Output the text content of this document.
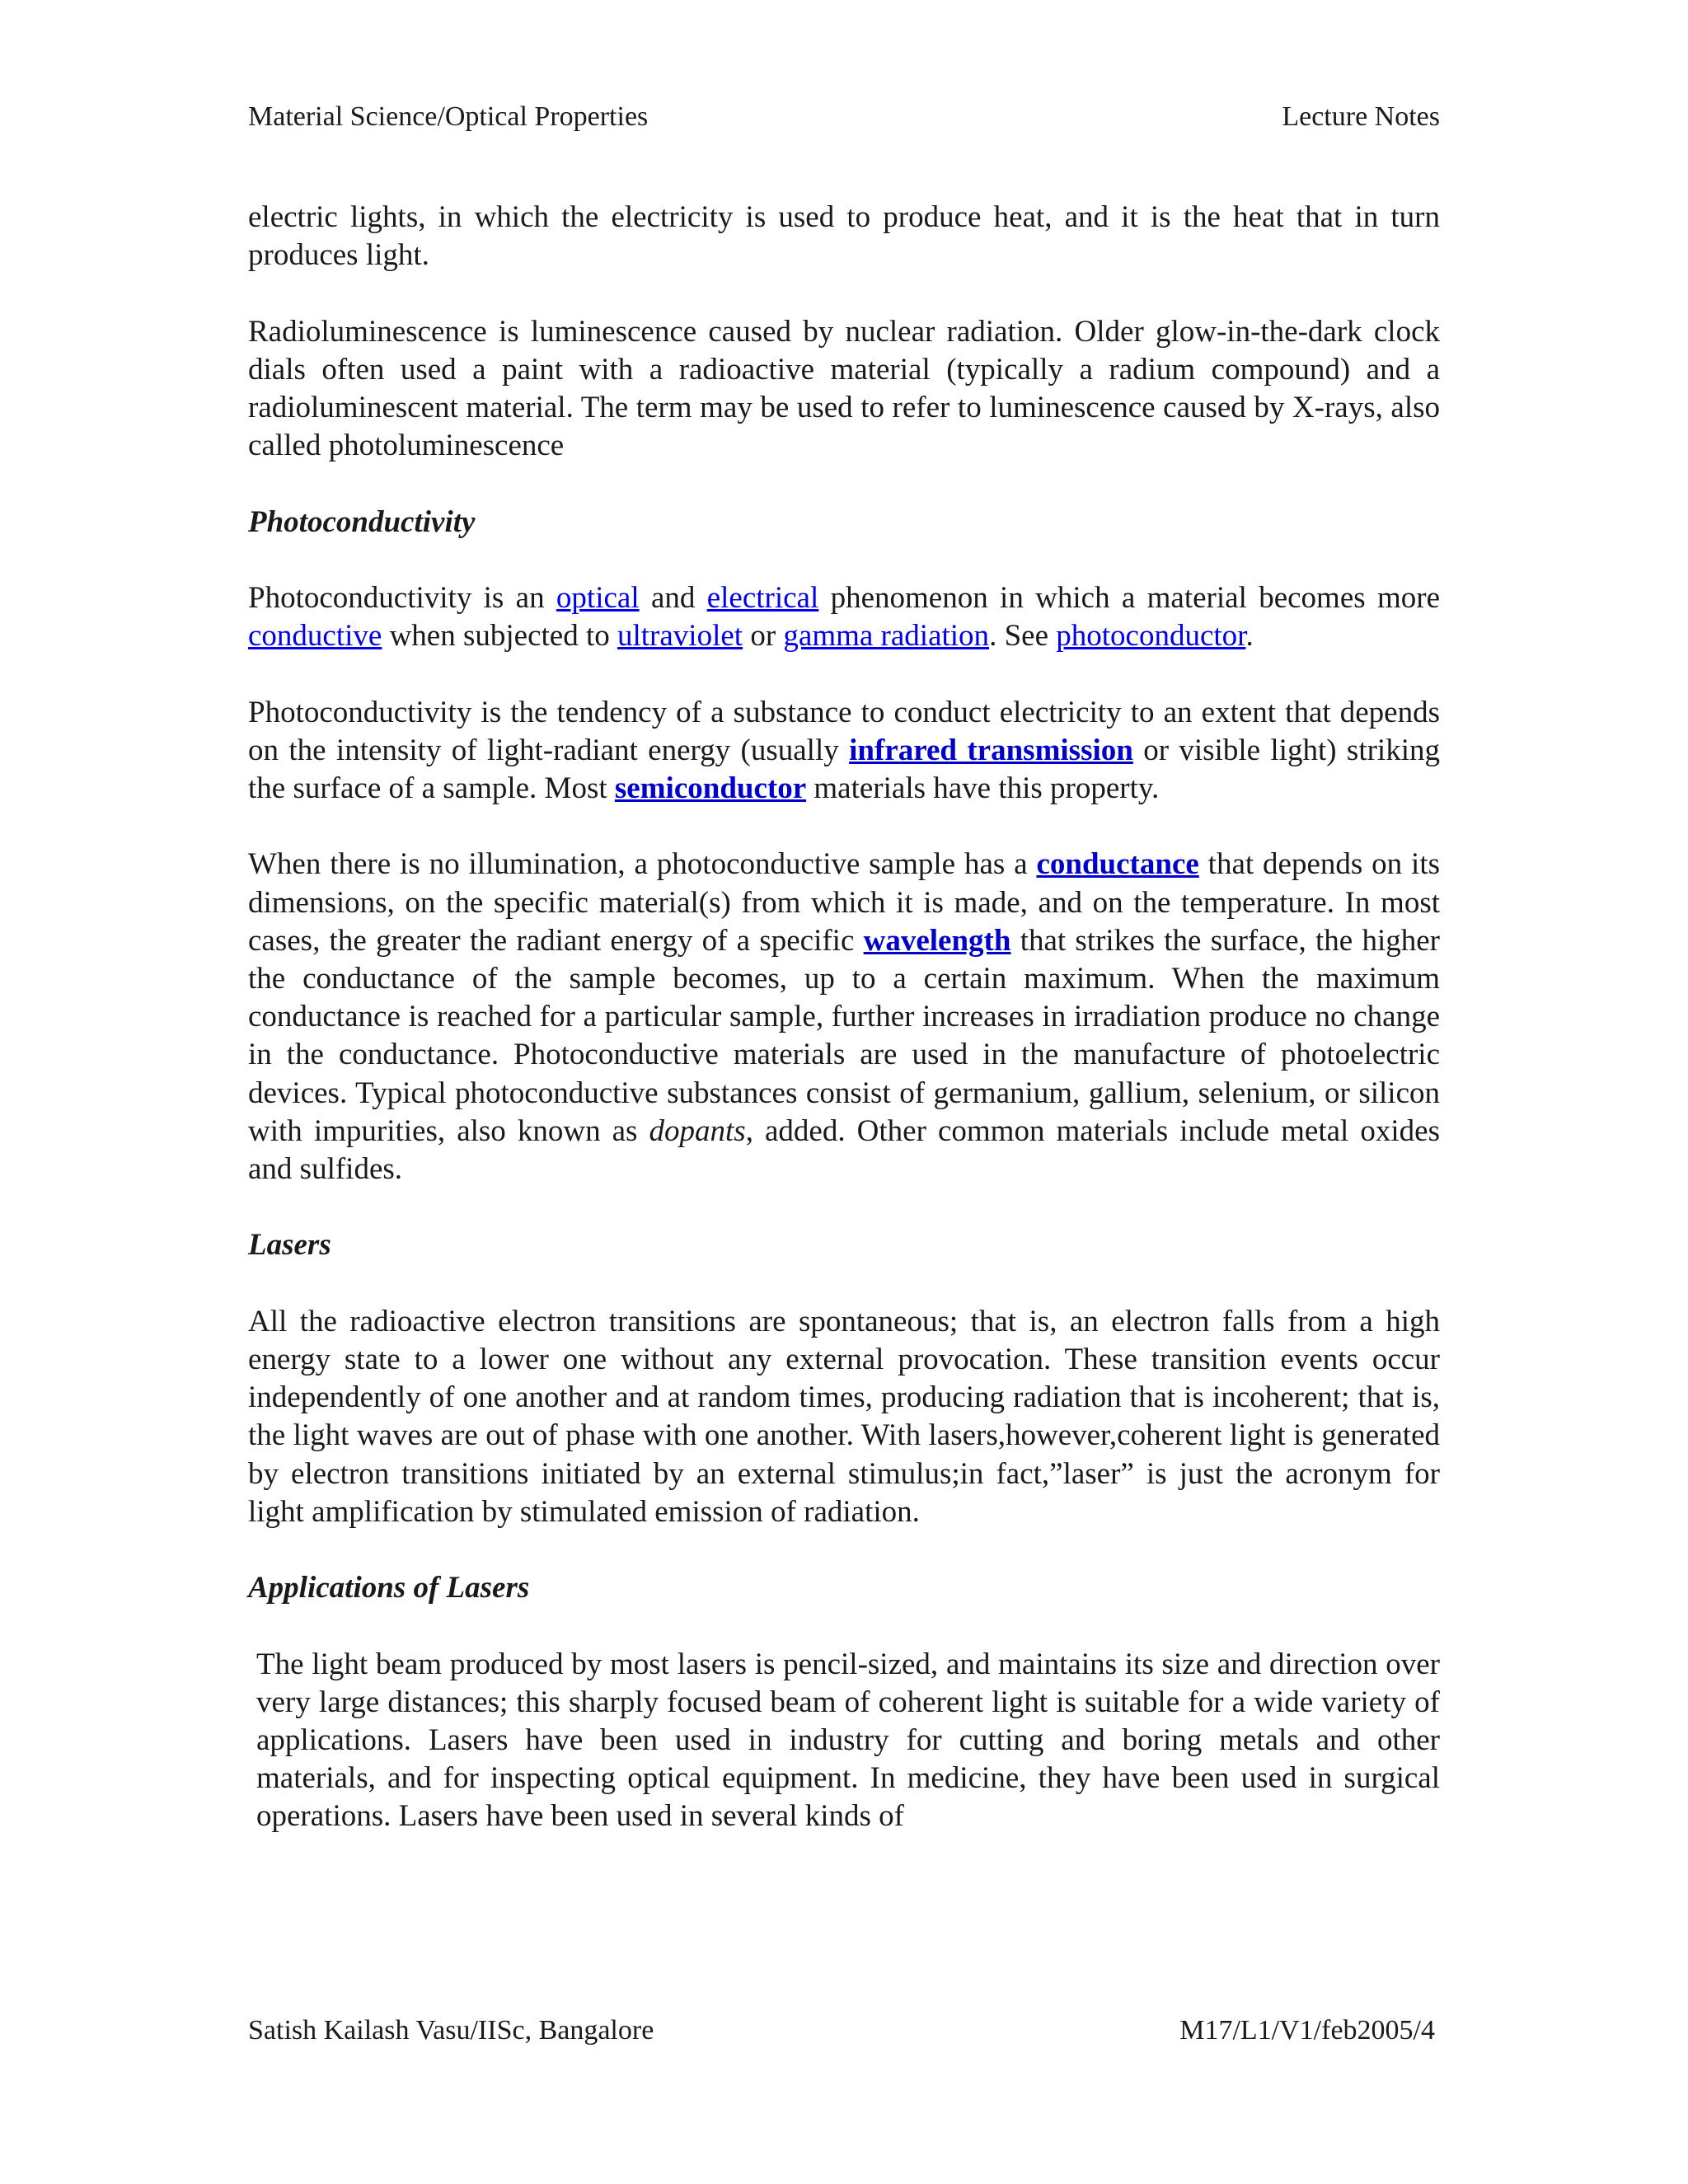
Material Science/Optical Properties	Lecture Notes

electric lights, in which the electricity is used to produce heat, and it is the heat that in turn produces light.

Radioluminescence is luminescence caused by nuclear radiation. Older glow-in-the-dark clock dials often used a paint with a radioactive material (typically a radium compound) and a radioluminescent material. The term may be used to refer to luminescence caused by X-rays, also called photoluminescence

Photoconductivity

Photoconductivity is an optical and electrical phenomenon in which a material becomes more conductive when subjected to ultraviolet or gamma radiation. See photoconductor.

Photoconductivity is the tendency of a substance to conduct electricity to an extent that depends on the intensity of light-radiant energy (usually infrared transmission or visible light) striking the surface of a sample. Most semiconductor materials have this property.

When there is no illumination, a photoconductive sample has a conductance that depends on its dimensions, on the specific material(s) from which it is made, and on the temperature. In most cases, the greater the radiant energy of a specific wavelength that strikes the surface, the higher the conductance of the sample becomes, up to a certain maximum. When the maximum conductance is reached for a particular sample, further increases in irradiation produce no change in the conductance. Photoconductive materials are used in the manufacture of photoelectric devices. Typical photoconductive substances consist of germanium, gallium, selenium, or silicon with impurities, also known as dopants, added. Other common materials include metal oxides and sulfides.

Lasers

All the radioactive electron transitions are spontaneous; that is, an electron falls from a high energy state to a lower one without any external provocation. These transition events occur independently of one another and at random times, producing radiation that is incoherent; that is, the light waves are out of phase with one another. With lasers,however,coherent light is generated by electron transitions initiated by an external stimulus;in fact,”laser” is just the acronym for light amplification by stimulated emission of radiation.

Applications of Lasers

The light beam produced by most lasers is pencil-sized, and maintains its size and direction over very large distances; this sharply focused beam of coherent light is suitable for a wide variety of applications. Lasers have been used in industry for cutting and boring metals and other materials, and for inspecting optical equipment. In medicine, they have been used in surgical operations. Lasers have been used in several kinds of

Satish Kailash Vasu/IISc, Bangalore	M17/L1/V1/feb2005/4
